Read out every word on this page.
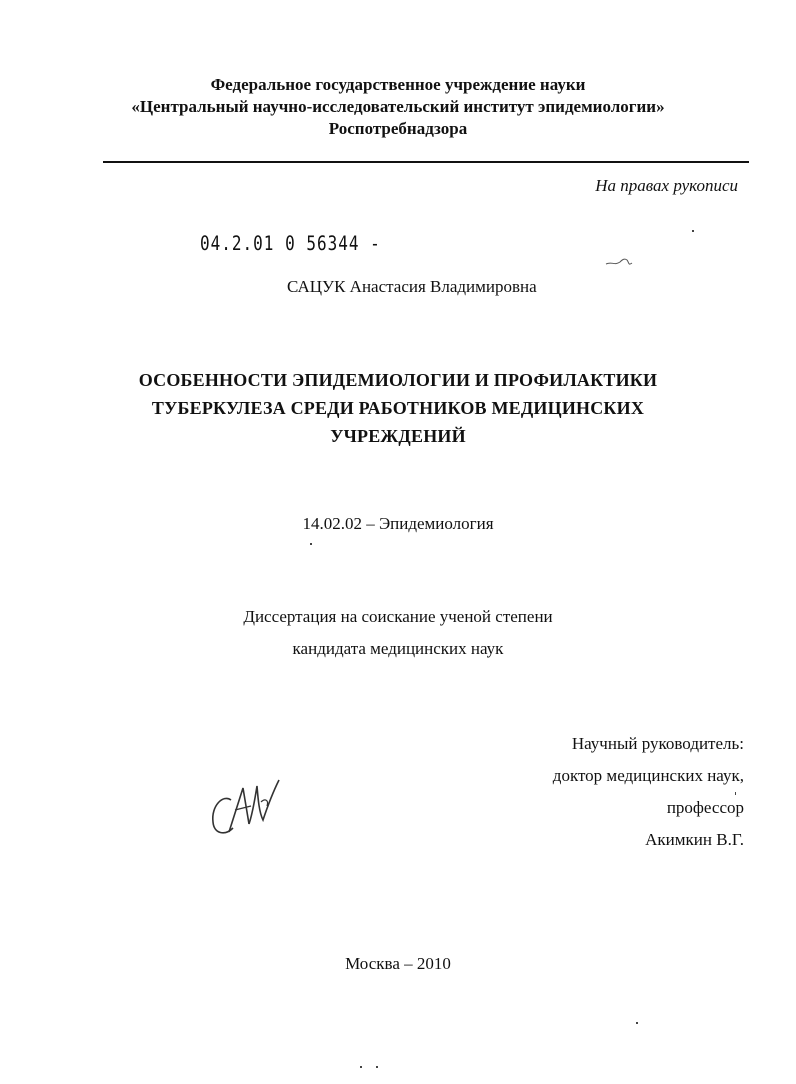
Федеральное государственное учреждение науки
«Центральный научно-исследовательский институт эпидемиологии»
Роспотребнадзора
На правах рукописи
04.2.01 0 56344 -
САЦУК Анастасия Владимировна
ОСОБЕННОСТИ ЭПИДЕМИОЛОГИИ И ПРОФИЛАКТИКИ
ТУБЕРКУЛЕЗА СРЕДИ РАБОТНИКОВ МЕДИЦИНСКИХ
УЧРЕЖДЕНИЙ
14.02.02 – Эпидемиология
Диссертация на соискание ученой степени
кандидата медицинских наук
Научный руководитель:
доктор медицинских наук,
профессор
Акимкин В.Г.
Москва – 2010
